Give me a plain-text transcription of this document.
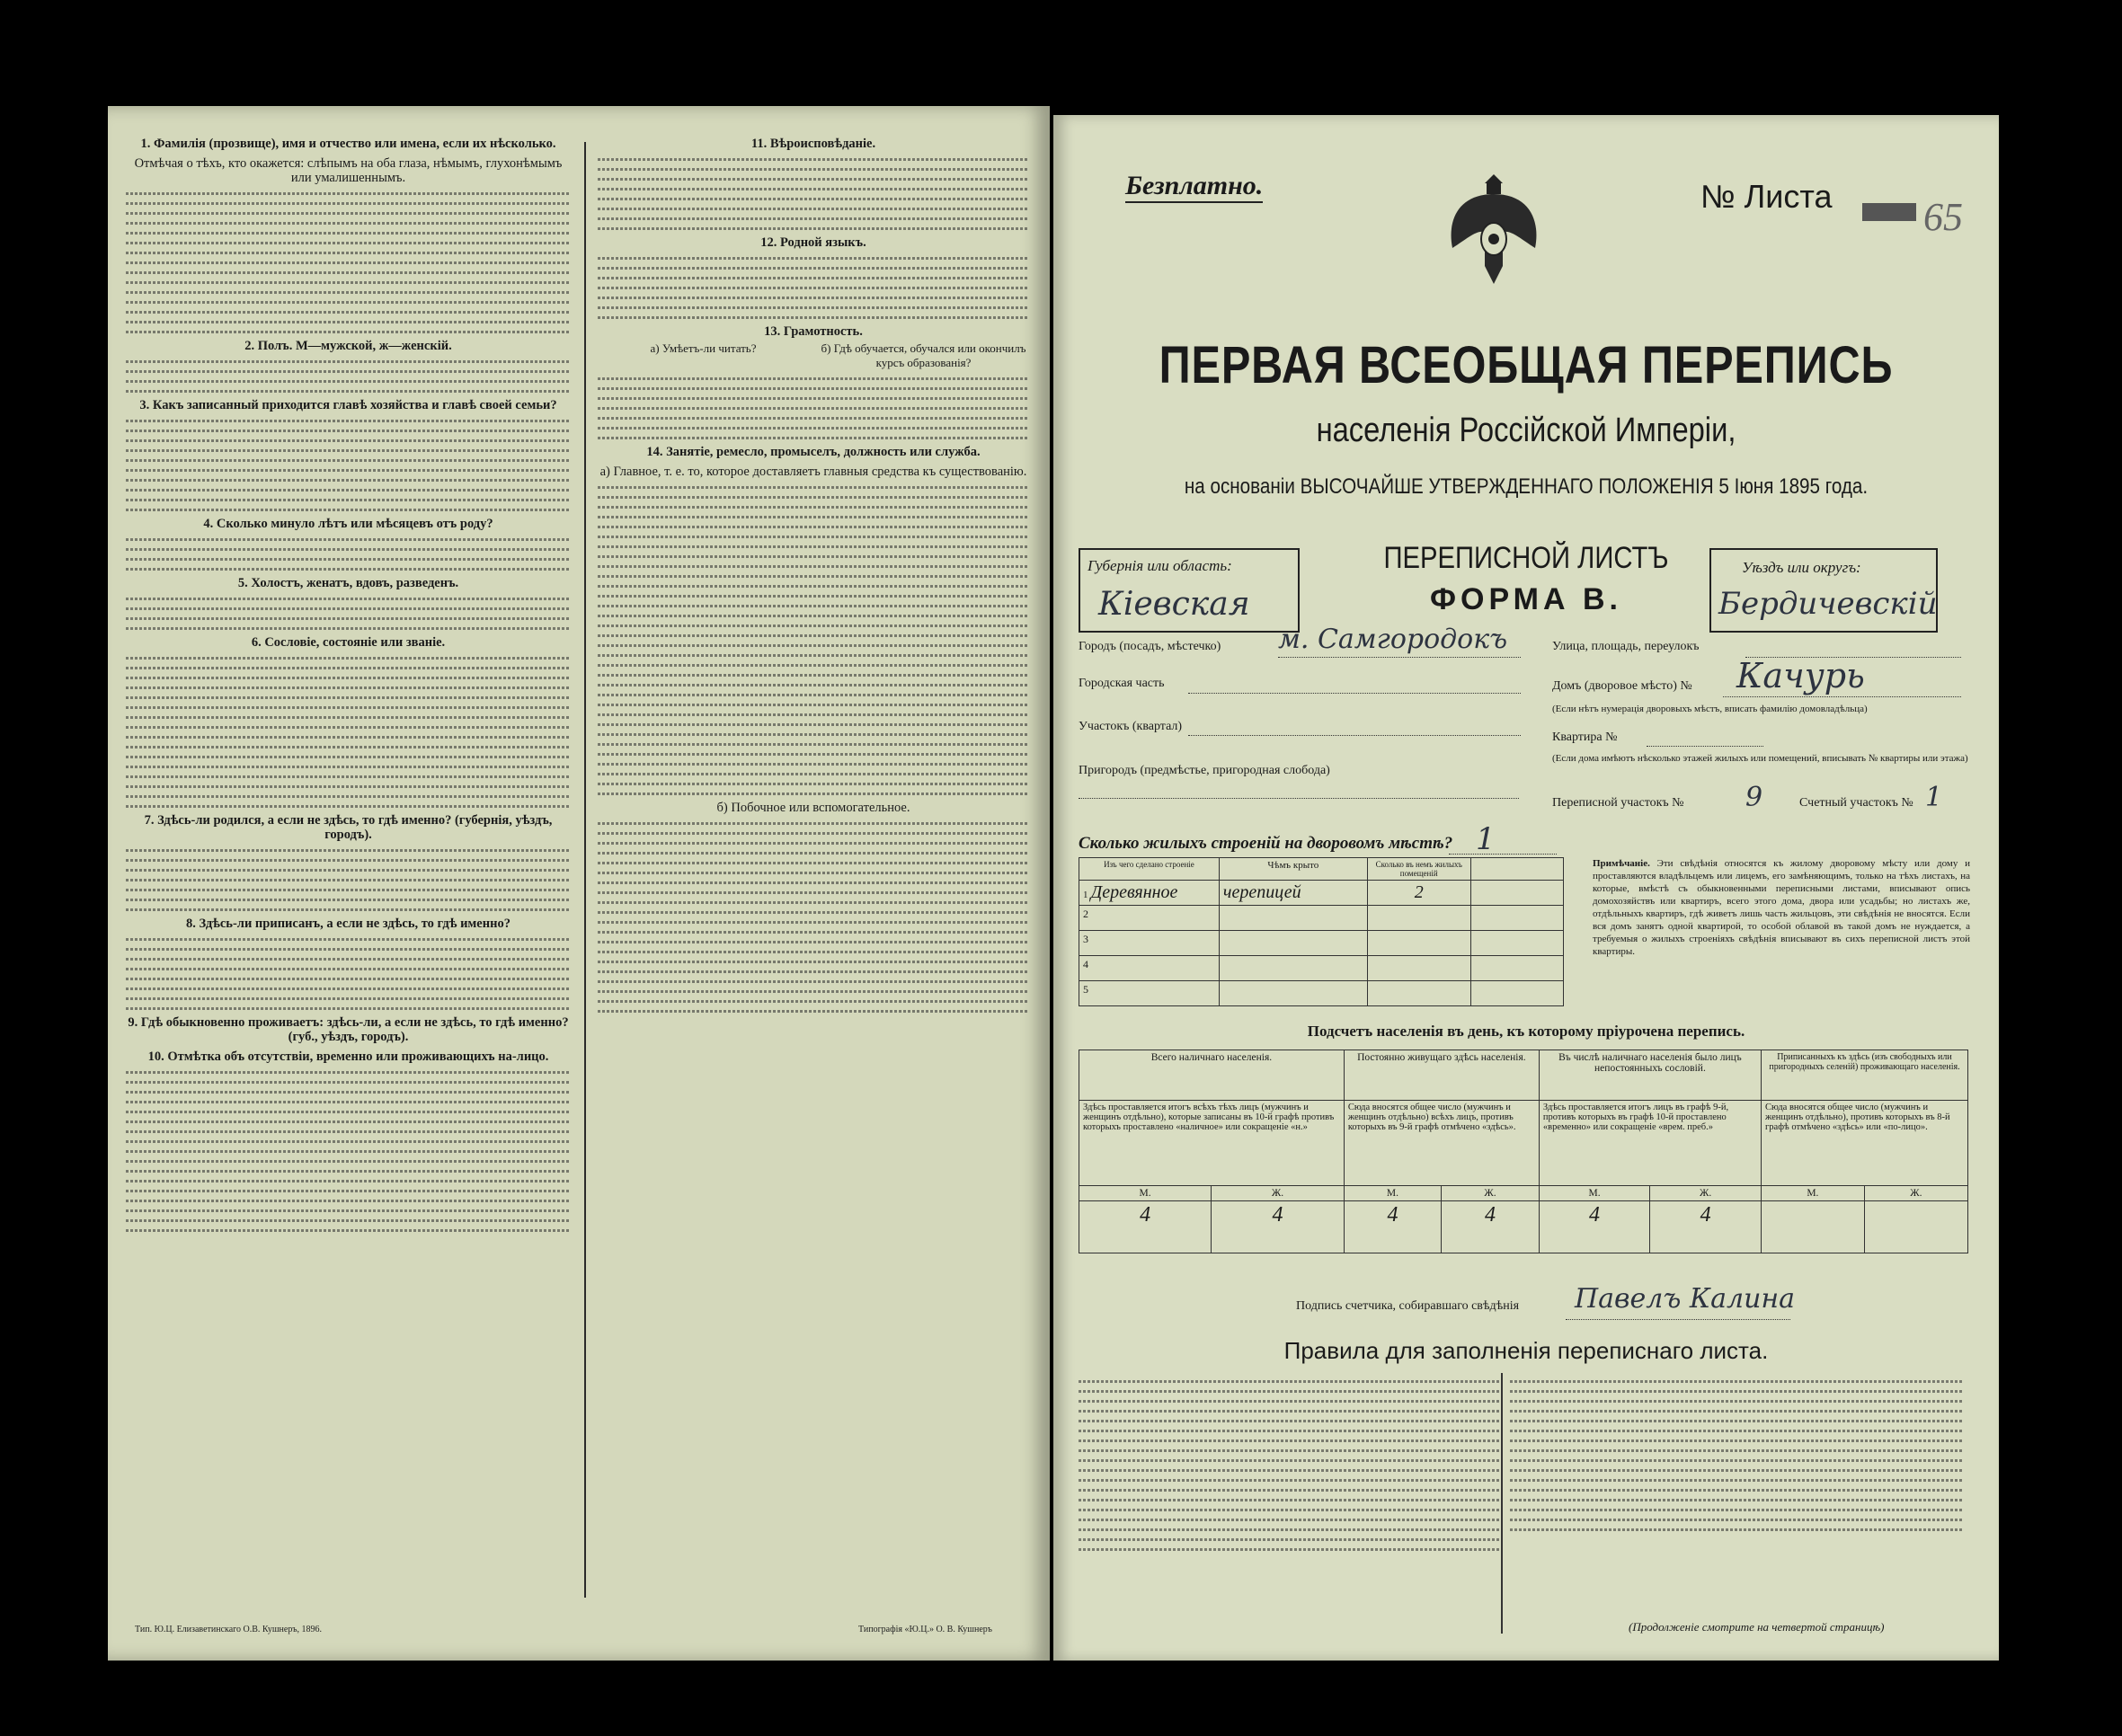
1. Фамилія (прозвище), имя и отчество или имена, если их нѣсколько.
Отмѣчая о тѣхъ, кто окажется: слѣпымъ на оба глаза, нѣмымъ, глухонѣмымъ или умалишеннымъ.
2. Полъ. М—мужской, ж—женскій.
3. Какъ записанный приходится главѣ хозяйства и главѣ своей семьи?
4. Сколько минуло лѣтъ или мѣсяцевъ отъ роду?
5. Холостъ, женатъ, вдовъ, разведенъ.
6. Сословіе, состояніе или званіе.
7. Здѣсь-ли родился, а если не здѣсь, то гдѣ именно? (губернія, уѣздъ, городъ).
8. Здѣсь-ли приписанъ, а если не здѣсь, то гдѣ именно?
9. Гдѣ обыкновенно проживаетъ: здѣсь-ли, а если не здѣсь, то гдѣ именно? (губ., уѣздъ, городъ).
10. Отмѣтка объ отсутствіи, временно или проживающихъ на-лицо.
11. Вѣроисповѣданіе.
12. Родной языкъ.
13. Грамотность.
а) Умѣетъ-ли читать?	б) Гдѣ обучается, обучался или окончилъ курсъ образованія?
14. Занятіе, ремесло, промыселъ, должность или служба.
а) Главное, т. е. то, которое доставляетъ главныя средства къ существованію.
б) Побочное или вспомогательное.
Тип. Ю.Ц. Елизаветинскаго О.В. Кушнеръ, 1896.	Типографія «Ю.Ц.» О. В. Кушнеръ
Безплатно.	№ Листа 65
ПЕРВАЯ ВСЕОБЩАЯ ПЕРЕПИСЬ
населенія Россійской Имперіи,
на основаніи ВЫСОЧАЙШЕ УТВЕРЖДЕННАГО ПОЛОЖЕНІЯ 5 Іюня 1895 года.
Губернія или область:
Кіевская
ПЕРЕПИСНОЙ ЛИСТЪ
ФОРМА В.
Уѣздъ или округъ:
Бердичевскій
Городъ (посадъ, мѣстечко) м. Самгородокъ	Улица, площадь, переулокъ
Городская часть	Домъ (дворовое мѣсто) № Качурь
(Если нѣтъ нумерація дворовыхъ мѣстъ, вписать фамилію домовладѣльца)
Участокъ (квартал)
Квартира №
(Если дома имѣютъ нѣсколько этажей жилыхъ или помещений, вписывать № квартиры или этажа)
Пригородъ (предмѣстье, пригородная слобода)
Переписной участокъ № 9	Счетный участокъ № 1
Сколько жилыхъ строеній на дворовомъ мѣстѣ? 1
Изъ чего сделано строеніе	Чѣмъ крыто	Сколько въ немъ жилыхъ помещеній	
1 Деревянное	черепицей	2	
2			
3			
4			
5			
Примѣчаніе. Эти свѣдѣнія относятся къ жилому дворовому мѣсту или дому и проставляются владѣльцемъ или лицемъ, его замѣняющимъ, только на тѣхъ листахъ, на которые, вмѣстѣ съ обыкновенными переписными листами, вписывают опись домохозяйствъ или квартиръ, всего этого дома, двора или усадьбы; но листахъ же, отдѣльныхъ квартиръ, гдѣ живетъ лишь часть жильцовъ, эти свѣдѣнія не вносятся. Если вся домъ занятъ одной квартирой, то особой облавой въ такой домъ не нуждается, а требуемыя о жилыхъ строеніяхъ свѣдѣнія вписывают въ сихъ переписной листъ этой квартиры.
Подсчетъ населенія въ день, къ которому пріурочена перепись.
Всего наличнаго населенія.		Постоянно живущаго здѣсь населенія.		Въ числѣ наличнаго населенія было лицъ непостоянныхъ сословій.		Приписанныхъ къ здѣсь (изъ свободныхъ или пригородныхъ селеній) проживающаго населенія.	
Здѣсь проставляется итогъ всѣхъ тѣхъ лицъ (мужчинъ и женщинъ отдѣльно), которые записаны въ 10-й графѣ противъ которыхъ проставлено «наличное» или сокращеніе «н.»		Сюда вносятся общее число (мужчинъ и женщинъ отдѣльно) всѣхъ лицъ, противъ которыхъ въ 9-й графѣ отмѣчено «здѣсь».		Здѣсь проставляется итогъ лицъ въ графѣ 9-й, противъ которыхъ въ графѣ 10-й проставлено «временно» или сокращеніе «врем. преб.»		Сюда вносятся общее число (мужчинъ и женщинъ отдѣльно), противъ которыхъ въ 8-й графѣ отмѣчено «здѣсь» или «по-лицо».	
М.	Ж.	М.	Ж.	М.	Ж.	М.	Ж.
4	4	4	4	4	4		
Подпись счетчика, собиравшаго свѣдѣнія Павелъ Калина
Правила для заполненія переписнаго листа.
(Продолженіе смотрите на четвертой страницѣ)
